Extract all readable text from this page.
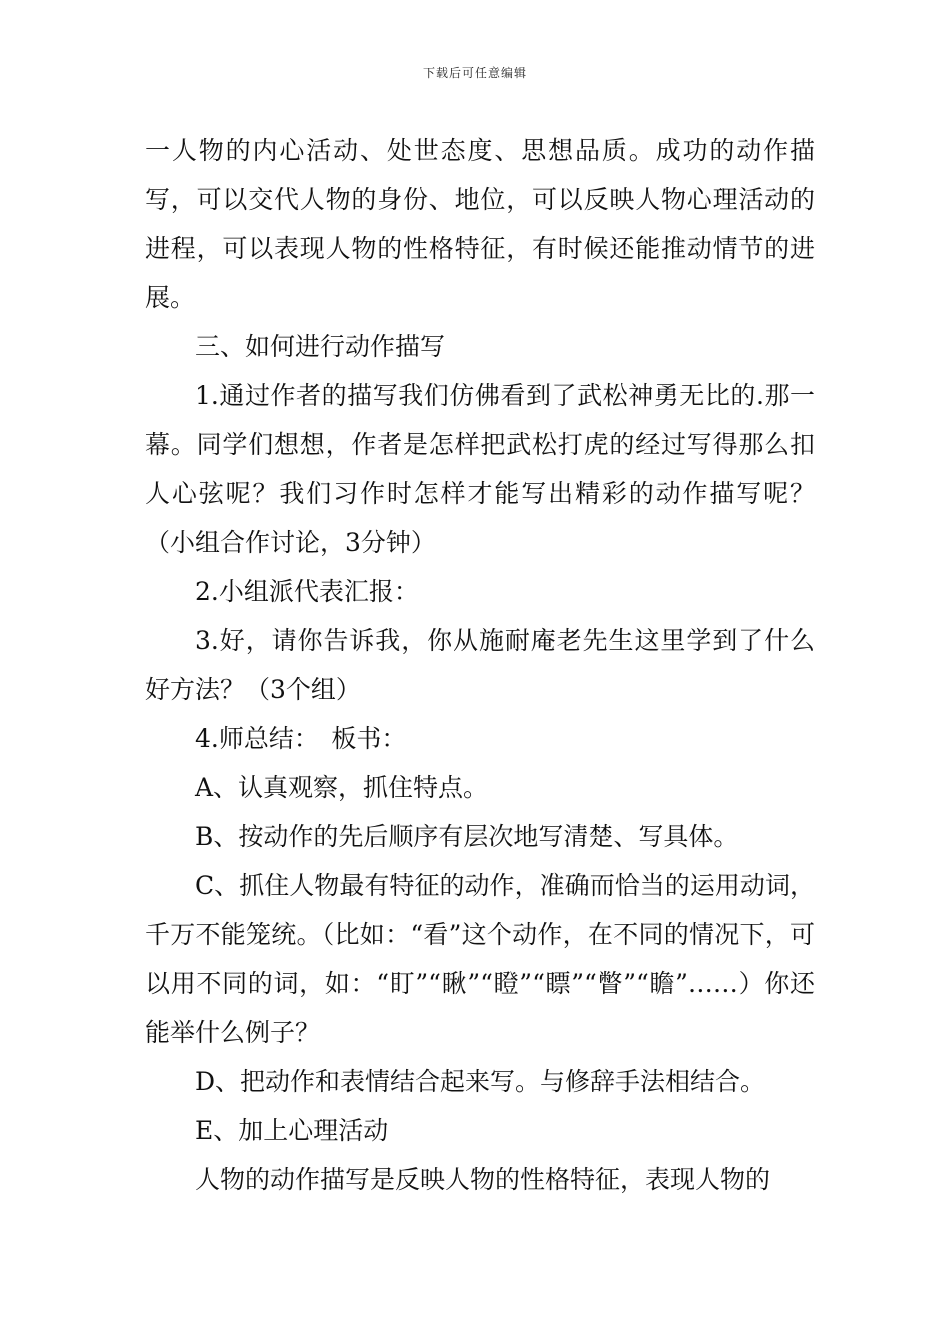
下载后可任意编辑

一人物的内心活动、处世态度、思想品质。成功的动作描写，可以交代人物的身份、地位，可以反映人物心理活动的进程，可以表现人物的性格特征，有时候还能推动情节的进展。

三、如何进行动作描写

1.通过作者的描写我们仿佛看到了武松神勇无比的.那一幕。同学们想想，作者是怎样把武松打虎的经过写得那么扣人心弦呢？我们习作时怎样才能写出精彩的动作描写呢？（小组合作讨论，3分钟）

2.小组派代表汇报：

3.好，请你告诉我，你从施耐庵老先生这里学到了什么好方法？（3个组）

4.师总结：　板书：

A、认真观察，抓住特点。

B、按动作的先后顺序有层次地写清楚、写具体。

C、抓住人物最有特征的动作，准确而恰当的运用动词，千万不能笼统。（比如：“看”这个动作，在不同的情况下，可以用不同的词，如：“盯”“瞅”“瞪”“瞟”“瞥”“瞻”……）你还能举什么例子？

D、把动作和表情结合起来写。与修辞手法相结合。

E、加上心理活动

人物的动作描写是反映人物的性格特征，表现人物的
